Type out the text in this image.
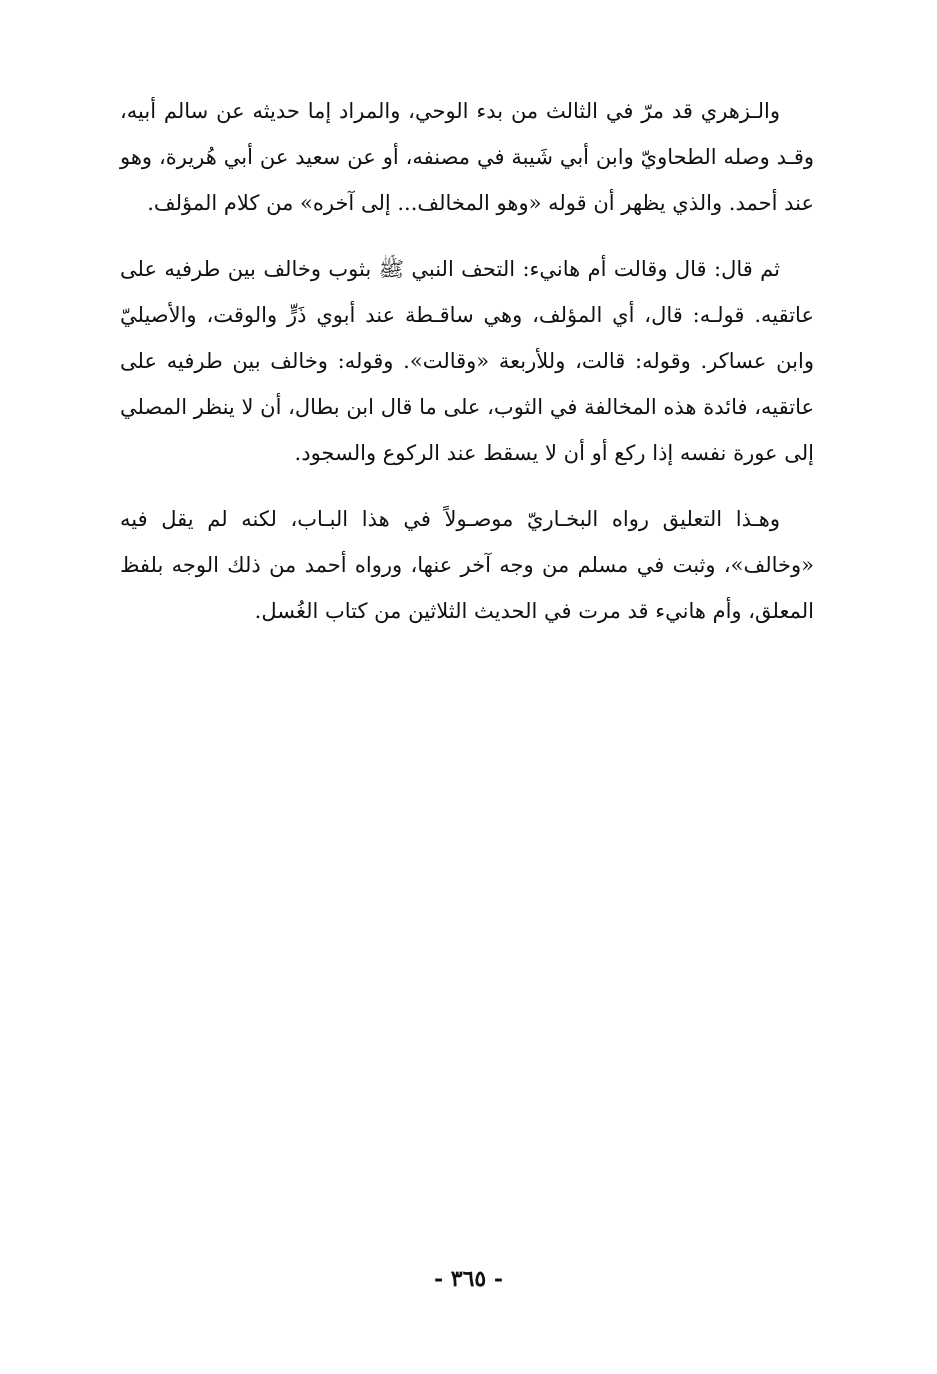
والـزهري قد مرّ في الثالث من بدء الوحي، والمراد إما حديثه عن سالم أبيه، وقـد وصله الطحاويّ وابن أبي شَيبة في مصنفه، أو عن سعيد عن أبي هُريرة، وهو عند أحمد. والذي يظهر أن قوله «وهو المخالف... إلى آخره» من كلام المؤلف.

ثم قال: قال وقالت أم هانيء: التحف النبي ﷺ بثوب وخالف بين طرفيه على عاتقيه. قولـه: قال، أي المؤلف، وهي ساقـطة عند أبوي ذَرٍّ والوقت، والأصيليّ وابن عساكر. وقوله: قالت، وللأربعة «وقالت». وقوله: وخالف بين طرفيه على عاتقيه، فائدة هذه المخالفة في الثوب، على ما قال ابن بطال، أن لا ينظر المصلي إلى عورة نفسه إذا ركع أو أن لا يسقط عند الركوع والسجود.

وهـذا التعليق رواه البخـاريّ موصـولاً في هذا البـاب، لكنه لم يقل فيه «وخالف»، وثبت في مسلم من وجه آخر عنها، ورواه أحمد من ذلك الوجه بلفظ المعلق، وأم هانيء قد مرت في الحديث الثلاثين من كتاب الغُسل.

- ٣٦٥ -
